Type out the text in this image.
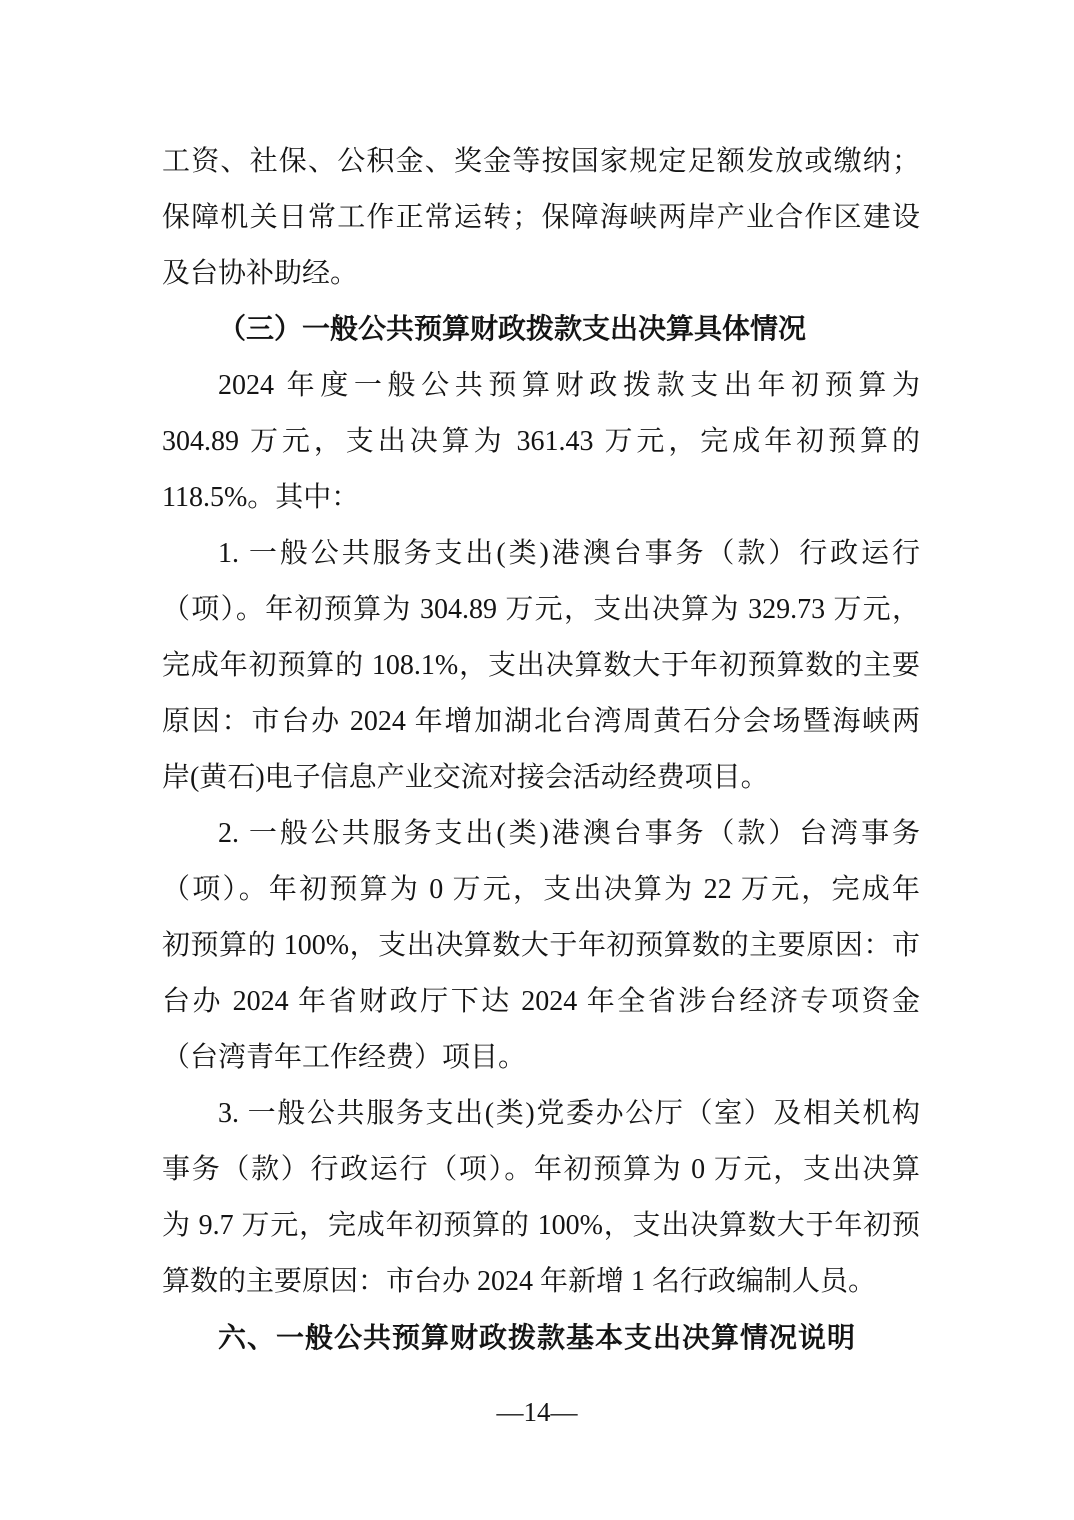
工资、社保、公积金、奖金等按国家规定足额发放或缴纳；
保障机关日常工作正常运转；保障海峡两岸产业合作区建设
及台协补助经。
（三）一般公共预算财政拨款支出决算具体情况
2024 年度一般公共预算财政拨款支出年初预算为
304.89 万元，支出决算为 361.43 万元，完成年初预算的
118.5%。其中：
1. 一般公共服务支出(类)港澳台事务（款）行政运行
（项）。年初预算为 304.89 万元，支出决算为 329.73 万元，
完成年初预算的 108.1%，支出决算数大于年初预算数的主要
原因：市台办 2024 年增加湖北台湾周黄石分会场暨海峡两
岸(黄石)电子信息产业交流对接会活动经费项目。
2. 一般公共服务支出(类)港澳台事务（款）台湾事务
（项）。年初预算为 0 万元，支出决算为 22 万元，完成年
初预算的 100%，支出决算数大于年初预算数的主要原因：市
台办 2024 年省财政厅下达 2024 年全省涉台经济专项资金
（台湾青年工作经费）项目。
3. 一般公共服务支出(类)党委办公厅（室）及相关机构
事务（款）行政运行（项）。年初预算为 0 万元，支出决算
为 9.7 万元，完成年初预算的 100%，支出决算数大于年初预
算数的主要原因：市台办 2024 年新增 1 名行政编制人员。
六、一般公共预算财政拨款基本支出决算情况说明
—14—
